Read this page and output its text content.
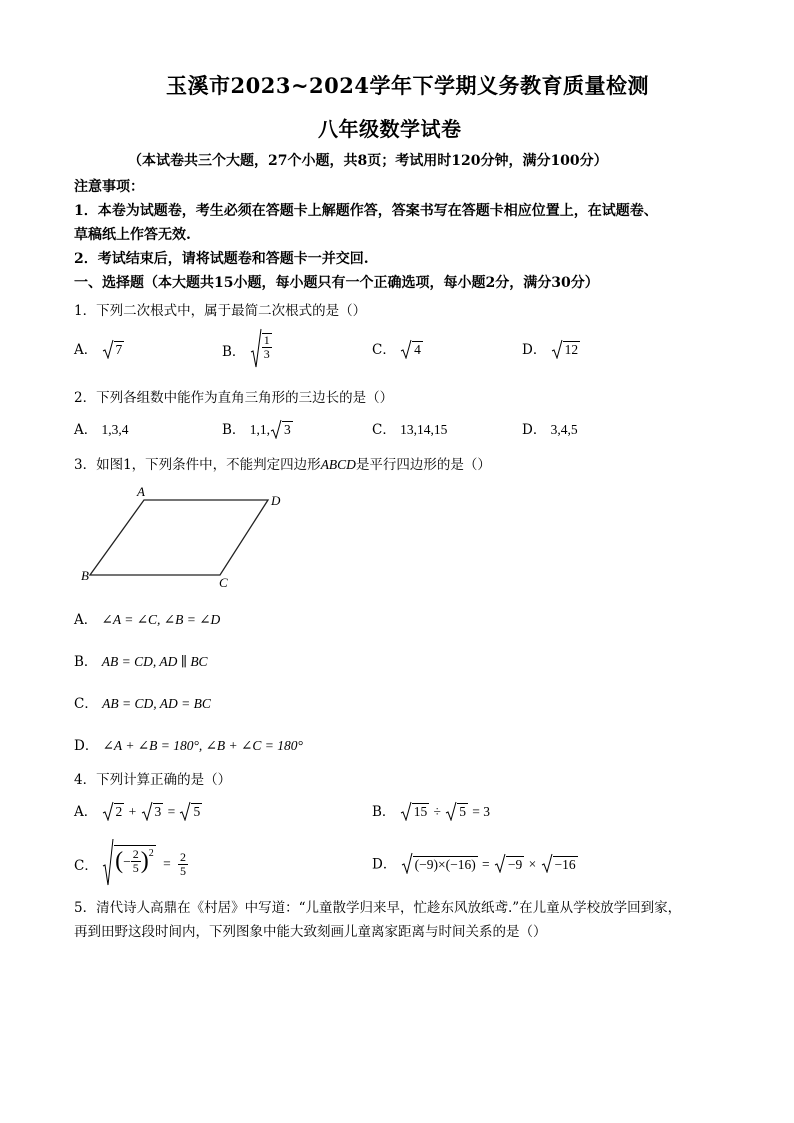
玉溪市2023~2024学年下学期义务教育质量检测
八年级数学试卷
（本试卷共三个大题，27个小题，共8页；考试用时120分钟，满分100分）
注意事项：
1．本卷为试题卷，考生必须在答题卡上解题作答，答案书写在答题卡相应位置上，在试题卷、
草稿纸上作答无效.
2．考试结束后，请将试题卷和答题卡一并交回.
一、选择题（本大题共15小题，每小题只有一个正确选项，每小题2分，满分30分）
1．下列二次根式中，属于最简二次根式的是（）
A． 7	B． $\frac{1}{3}$	C． 4	D． 12
2．下列各组数中能作为直角三角形的三边长的是（）
A． 1,3,4	B． 1,1, 3	C． 13,14,15	D． 3,4,5
3．如图1，下列条件中，不能判定四边形ABCD是平行四边形的是（）
A
D
B	C
A． ∠A = ∠C, ∠B = ∠D
B． AB = CD, AD ∥ BC
C． AB = CD, AD = BC
D． ∠A + ∠B = 180°, ∠B + ∠C = 180°
4．下列计算正确的是（）
A． 2 + 3 = 5	B． 15 ÷ 5 = 3
C． ( − $\frac{2}{5}$ ) 2
= $\frac{2}{5}$	D． (−9)×(−16) = −9 × −16
5．清代诗人高鼎在《村居》中写道：“儿童散学归来早，忙趁东风放纸鸢.”在儿童从学校放学回到家，
再到田野这段时间内，下列图象中能大致刻画儿童离家距离与时间关系的是（）
